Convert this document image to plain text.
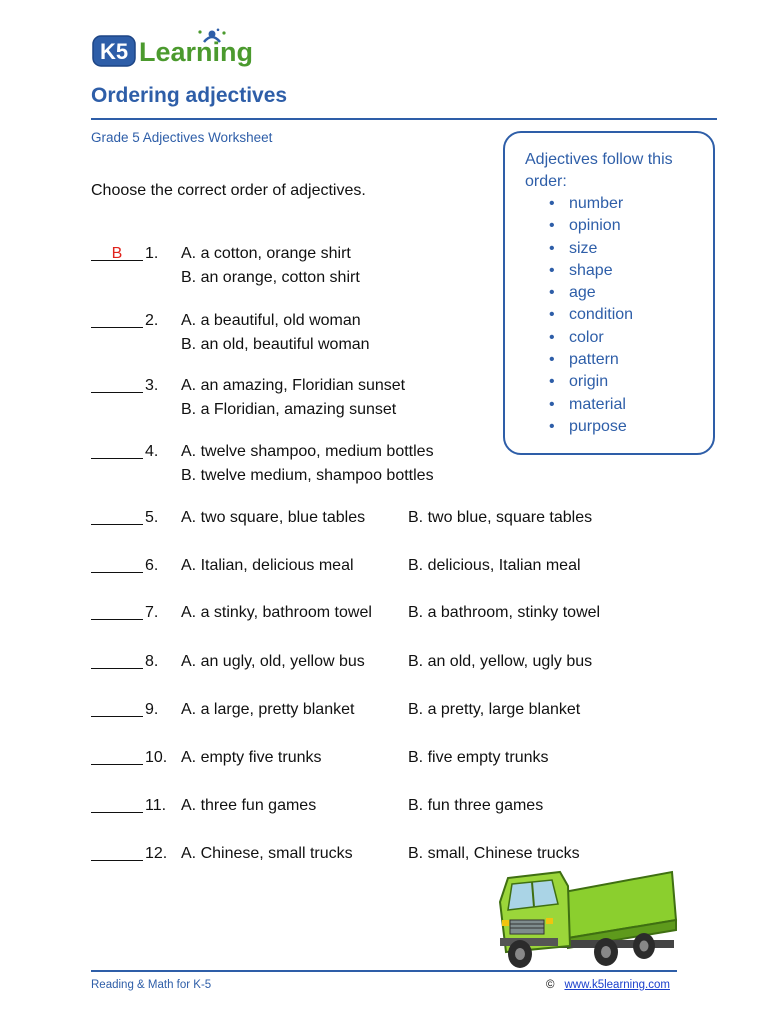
K5 Learning
Ordering adjectives
Grade 5 Adjectives Worksheet
Choose the correct order of adjectives.
B	1.	A. a cotton, orange shirt
B. an orange, cotton shirt
2.	A. a beautiful, old woman
B. an old, beautiful woman
3.	A. an amazing, Floridian sunset
B. a Floridian, amazing sunset
4.	A. twelve shampoo, medium bottles
B. twelve medium, shampoo bottles
5.	A. two square, blue tables	B. two blue, square tables
6.	A. Italian, delicious meal	B. delicious, Italian meal
7.	A. a stinky, bathroom towel B. a bathroom, stinky towel
8.	A. an ugly, old, yellow bus	B. an old, yellow, ugly bus
9.	A. a large, pretty blanket	B. a pretty, large blanket
10. A. empty five trunks	B. five empty trunks
11. A. three fun games	B. fun three games
12. A. Chinese, small trucks	B. small, Chinese trucks
Adjectives follow this
order:
• number
• opinion
• size
• shape
• age
• condition
• color
• pattern
• origin
• material
• purpose
Reading & Math for K-5	© www.k5learning.com
